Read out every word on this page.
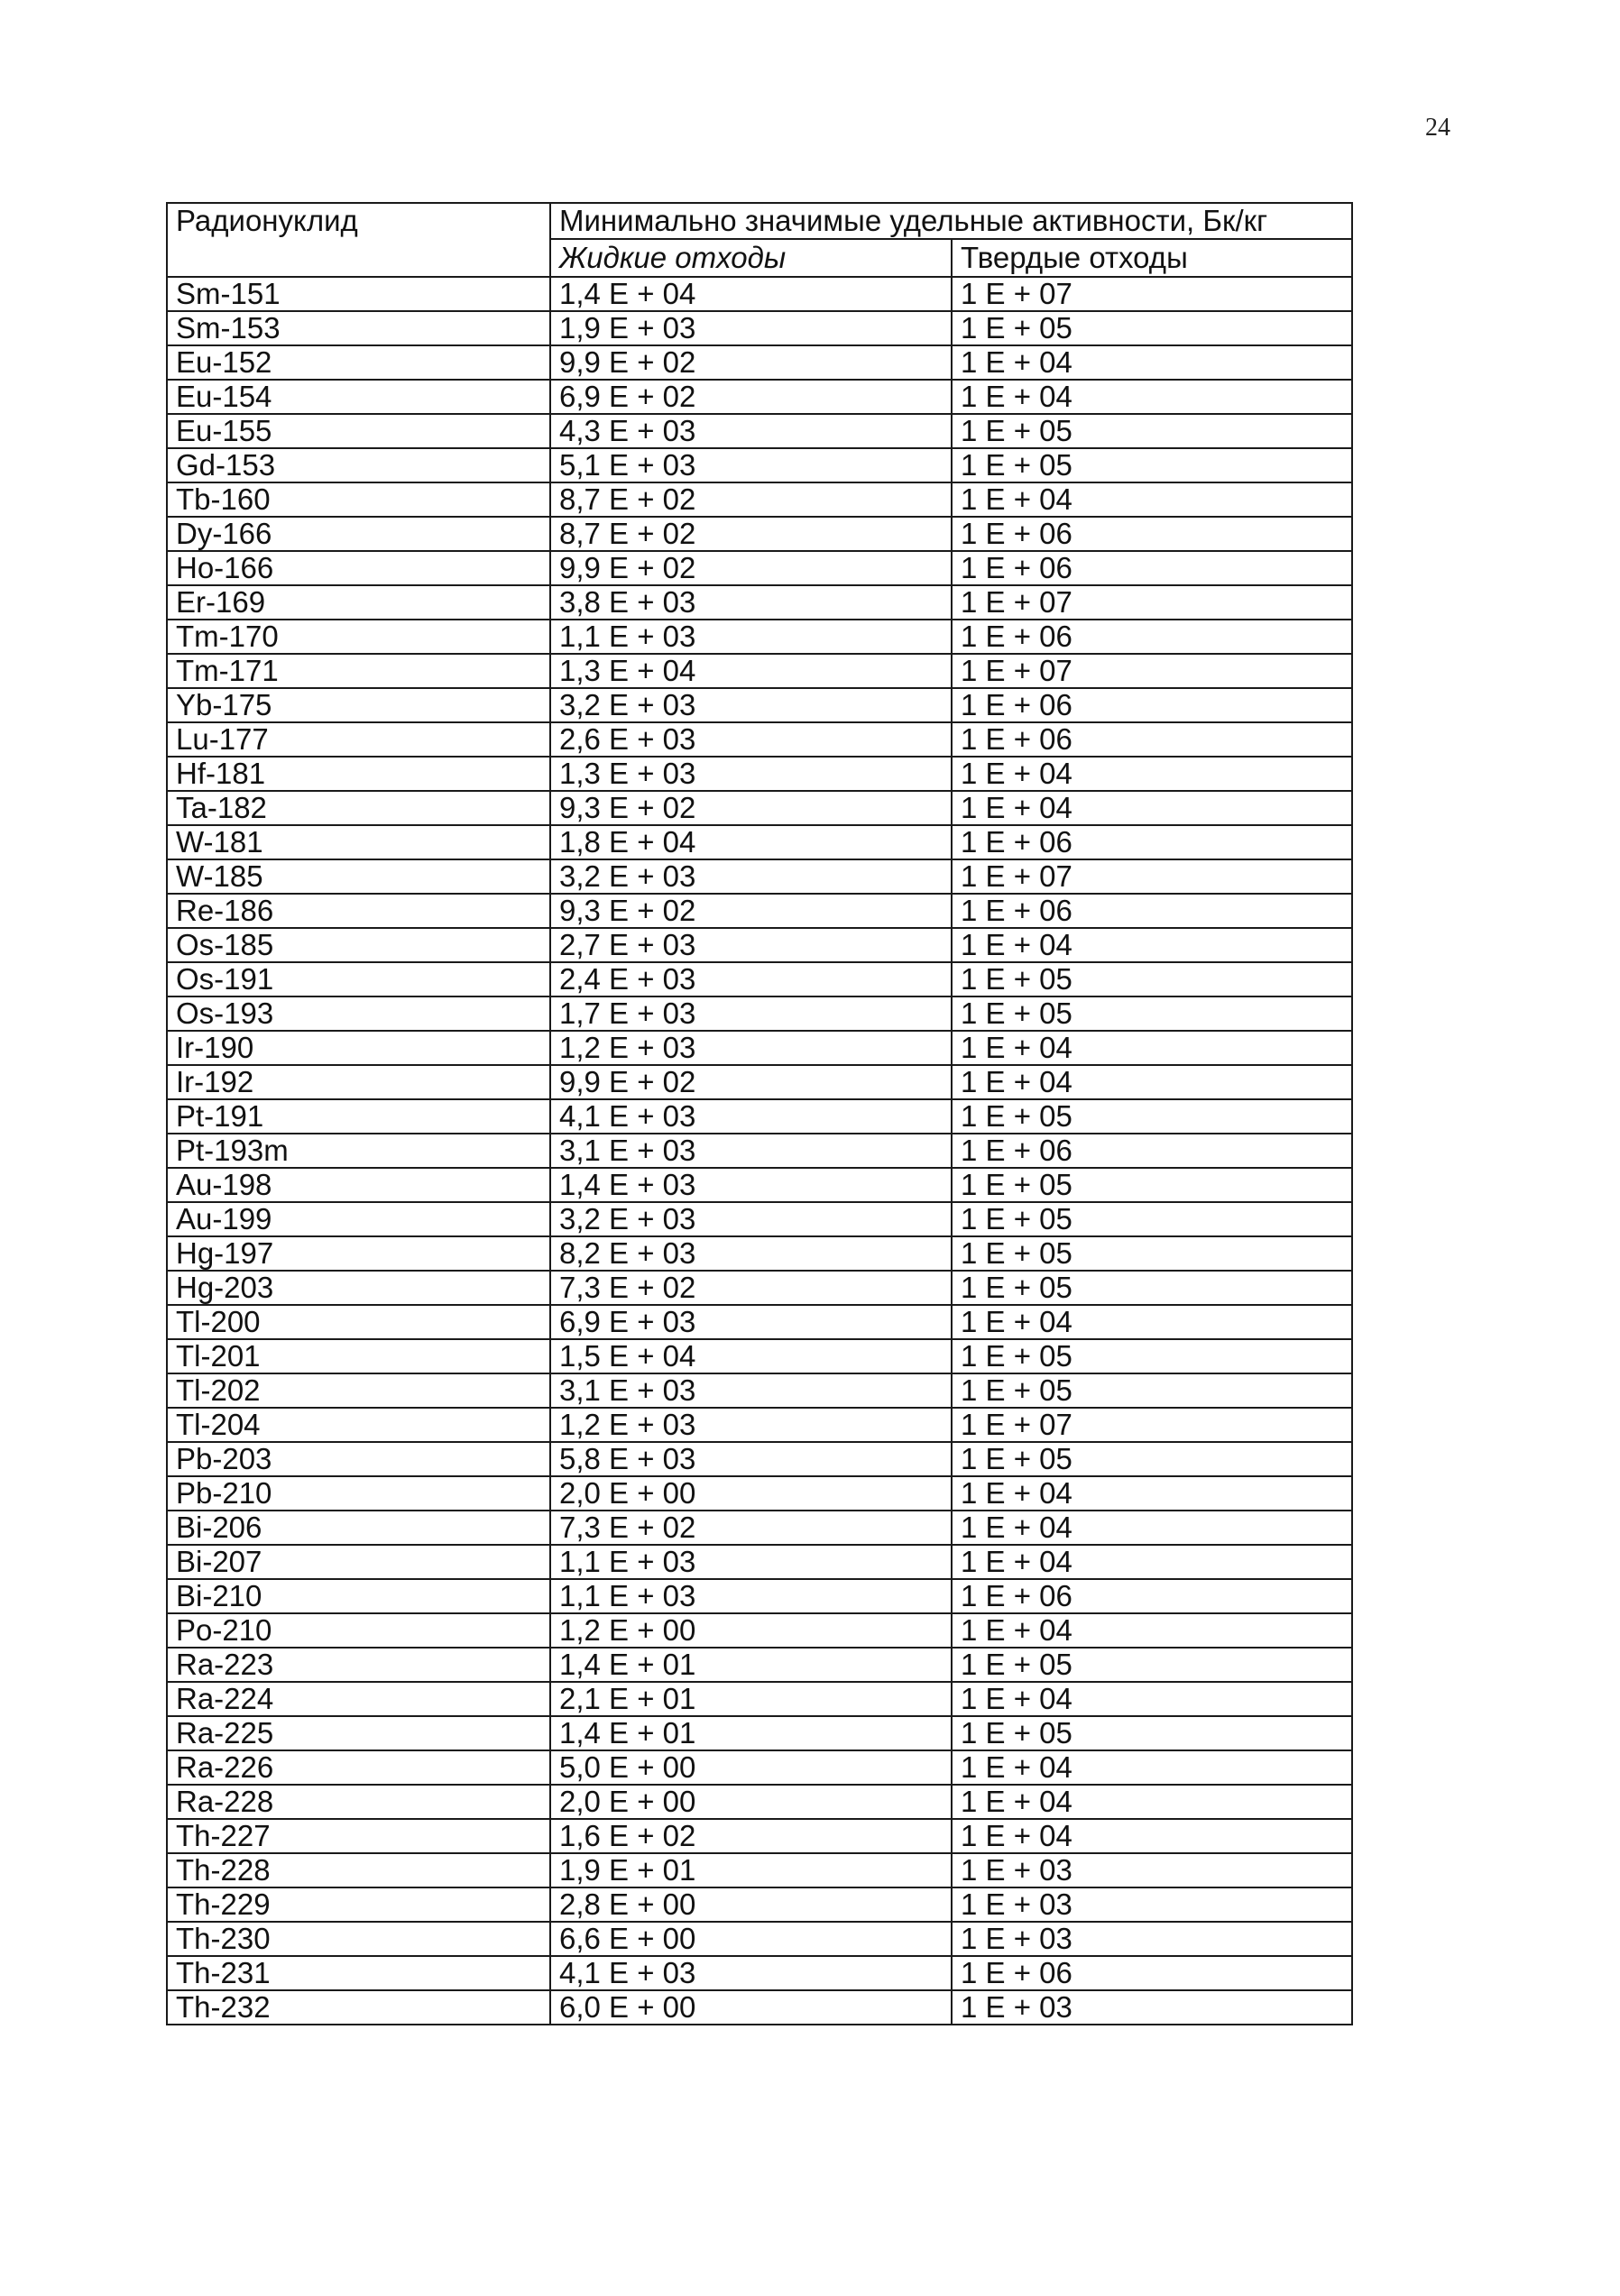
24
Радионуклид	Минимально значимые удельные активности, Бк/кг	
	Жидкие отходы	Твердые отходы
Sm-151	1,4 E + 04	1 E + 07
Sm-153	1,9 E + 03	1 E + 05
Eu-152	9,9 E + 02	1 E + 04
Eu-154	6,9 E + 02	1 E + 04
Eu-155	4,3 E + 03	1 E + 05
Gd-153	5,1 E + 03	1 E + 05
Tb-160	8,7 E + 02	1 E + 04
Dy-166	8,7 E + 02	1 E + 06
Ho-166	9,9 E + 02	1 E + 06
Er-169	3,8 E + 03	1 E + 07
Tm-170	1,1 E + 03	1 E + 06
Tm-171	1,3 E + 04	1 E + 07
Yb-175	3,2 E + 03	1 E + 06
Lu-177	2,6 E + 03	1 E + 06
Hf-181	1,3 E + 03	1 E + 04
Ta-182	9,3 E + 02	1 E + 04
W-181	1,8 E + 04	1 E + 06
W-185	3,2 E + 03	1 E + 07
Re-186	9,3 E + 02	1 E + 06
Os-185	2,7 E + 03	1 E + 04
Os-191	2,4 E + 03	1 E + 05
Os-193	1,7 E + 03	1 E + 05
Ir-190	1,2 E + 03	1 E + 04
Ir-192	9,9 E + 02	1 E + 04
Pt-191	4,1 E + 03	1 E + 05
Pt-193m	3,1 E + 03	1 E + 06
Au-198	1,4 E + 03	1 E + 05
Au-199	3,2 E + 03	1 E + 05
Hg-197	8,2 E + 03	1 E + 05
Hg-203	7,3 E + 02	1 E + 05
Tl-200	6,9 E + 03	1 E + 04
Tl-201	1,5 E + 04	1 E + 05
Tl-202	3,1 E + 03	1 E + 05
Tl-204	1,2 E + 03	1 E + 07
Pb-203	5,8 E + 03	1 E + 05
Pb-210	2,0 E + 00	1 E + 04
Bi-206	7,3 E + 02	1 E + 04
Bi-207	1,1 E + 03	1 E + 04
Bi-210	1,1 E + 03	1 E + 06
Po-210	1,2 E + 00	1 E + 04
Ra-223	1,4 E + 01	1 E + 05
Ra-224	2,1 E + 01	1 E + 04
Ra-225	1,4 E + 01	1 E + 05
Ra-226	5,0 E + 00	1 E + 04
Ra-228	2,0 E + 00	1 E + 04
Th-227	1,6 E + 02	1 E + 04
Th-228	1,9 E + 01	1 E + 03
Th-229	2,8 E + 00	1 E + 03
Th-230	6,6 E + 00	1 E + 03
Th-231	4,1 E + 03	1 E + 06
Th-232	6,0 E + 00	1 E + 03
